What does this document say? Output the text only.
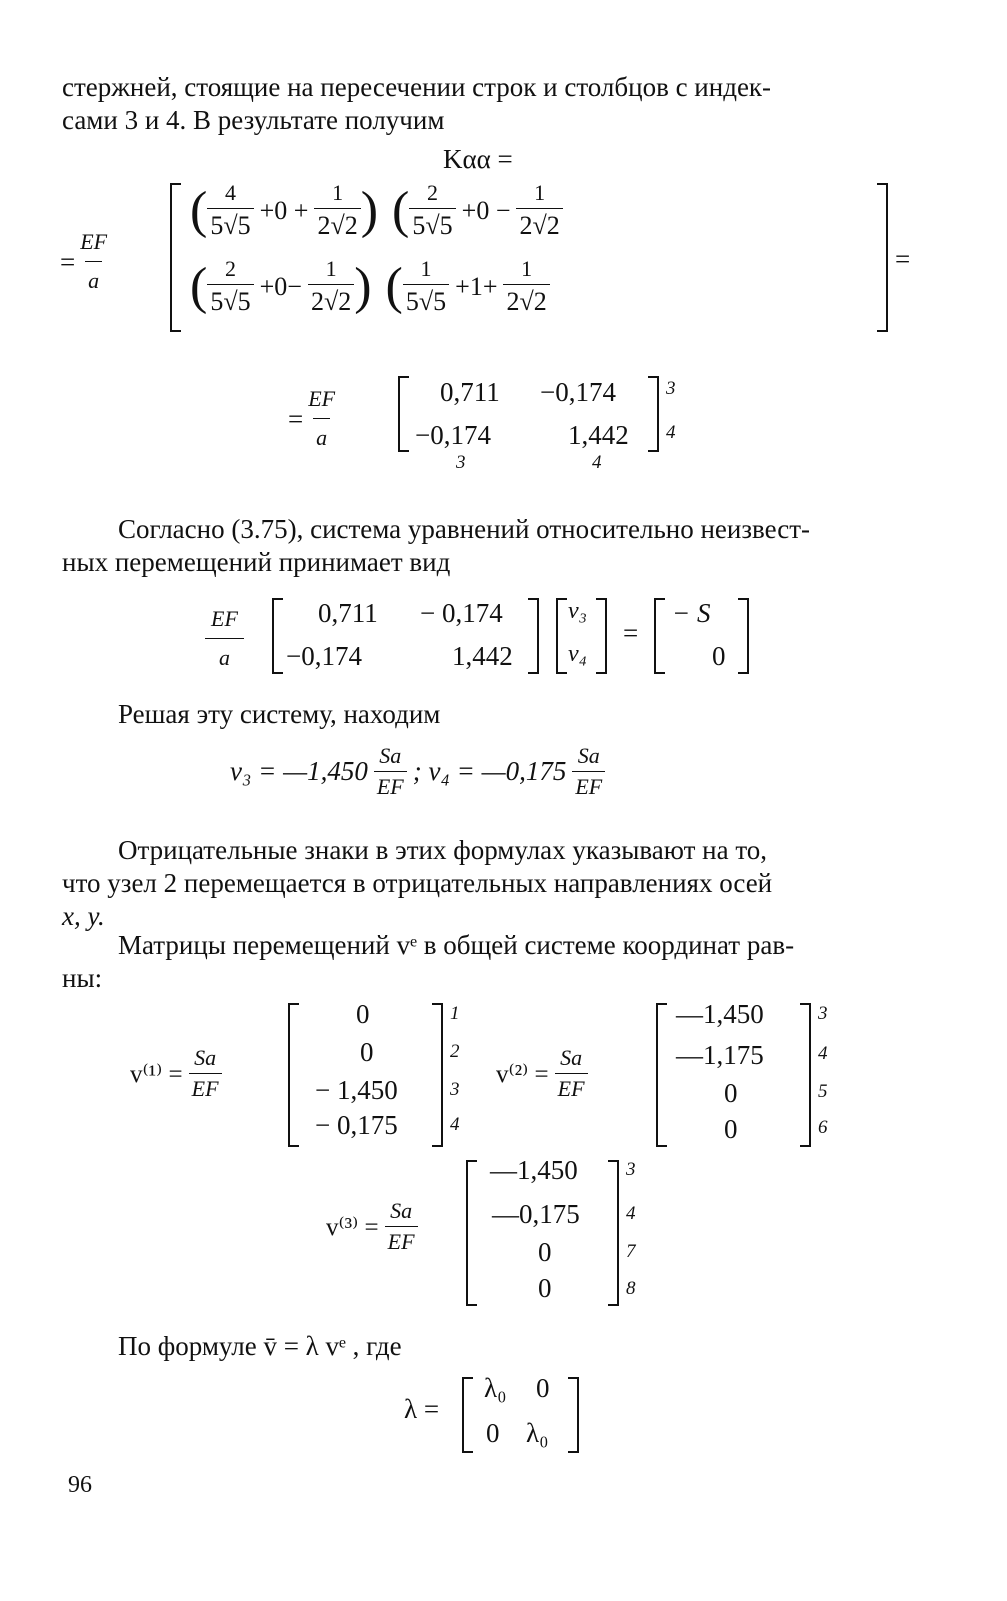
стержней, стоящие на пересечении строк и столбцов с индек-
сами 3 и 4. В результате получим
Kαα =
= $\frac{EF}{a}$	=
( $\frac{4}{5√5} +0 + \frac{1}{2√2}$ ) ( $\frac{2}{5√5} +0 - \frac{1}{2√2}$
( $\frac{2}{5√5} +0- \frac{1}{2√2}$ ) ( $\frac{1}{5√5} +1+ \frac{1}{2√2}$
= $\frac{EF}{a}$	0,711 −0,174
−0,174	1,442
3
4
3	4
Согласно (3.75), система уравнений относительно неизвест-
ных перемещений принимает вид
$\frac{EF}{a}$	0,711 − 0,174
−0,174	1,442
v₃
v₄
=
− S
0
Решая эту систему, находим
v₃ = —1,450 $\frac{Sa}{EF}$ ; v₄ = —0,175 $\frac{Sa}{EF}$
Отрицательные знаки в этих формулах указывают на то,
что узел 2 перемещается в отрицательных направлениях осей
x, y.
Матрицы перемещений vᵉ в общей системе координат рав-
ны:
$v^{(1)} = \frac{Sa}{EF}$
0
0
− 1,450
− 0,175
1
2
3
4
$v^{(2)} = \frac{Sa}{EF}$
—1,450
—1,175
0
0
3
4
5
6
$v^{(3)} = \frac{Sa}{EF}$
—1,450
—0,175
0
0
3
4
7
8
По формуле v̄ = λ vᵉ , где
λ =
λ₀ 0
0 λ₀
96
